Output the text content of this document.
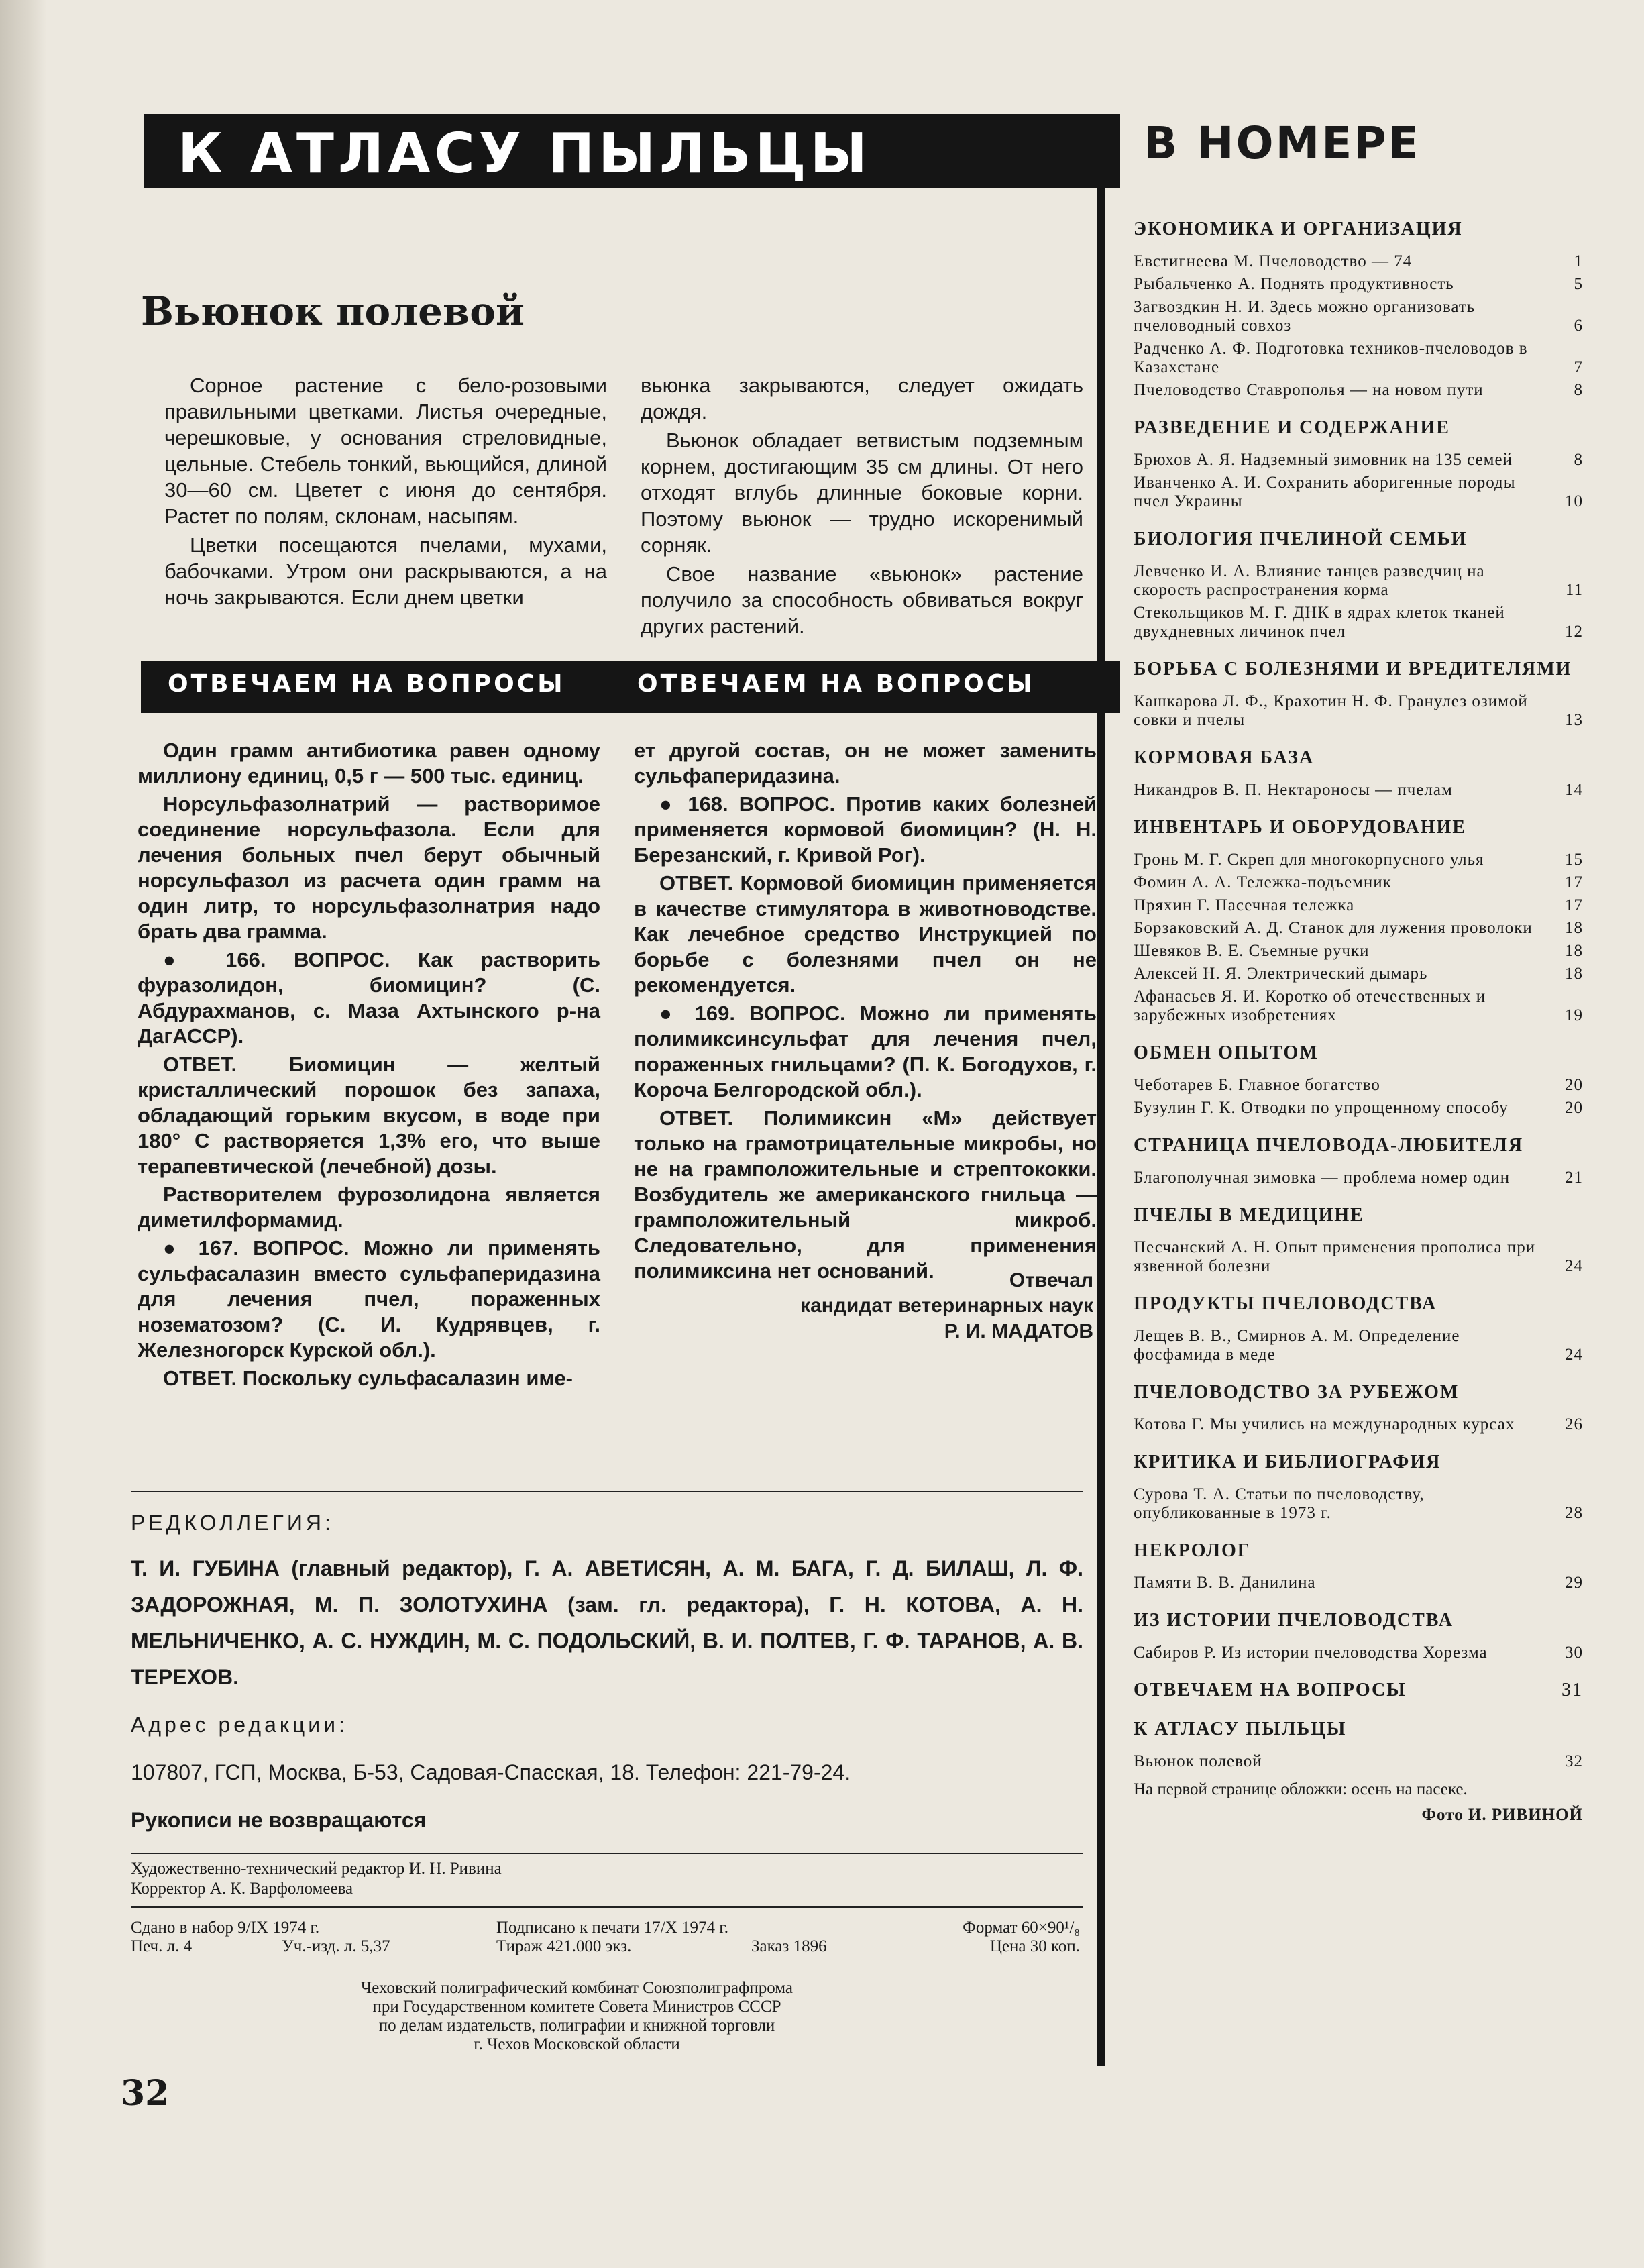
К АТЛАСУ ПЫЛЬЦЫ	В НОМЕРЕ
Вьюнок полевой

Сорное растение с бело-розовыми правильными цветками. Листья очередные, черешковые, у основания стреловидные, цельные. Стебель тонкий, вьющийся, длиной 30—60 см. Цветет с июня до сентября. Растет по полям, склонам, насыпям.

Цветки посещаются пчелами, мухами, бабочками. Утром они раскрываются, а на ночь закрываются. Если днем цветки

вьюнка закрываются, следует ожидать дождя.

Вьюнок обладает ветвистым подземным корнем, достигающим 35 см длины. От него отходят вглубь длинные боковые корни. Поэтому вьюнок — трудно искоренимый сорняк.

Свое название «вьюнок» растение получило за способность обвиваться вокруг других растений.

ОТВЕЧАЕМ НА ВОПРОСЫ	ОТВЕЧАЕМ НА ВОПРОСЫ

Один грамм антибиотика равен одному миллиону единиц, 0,5 г — 500 тыс. единиц.

Норсульфазолнатрий — растворимое соединение норсульфазола. Если для лечения больных пчел берут обычный норсульфазол из расчета один грамм на один литр, то норсульфазолнатрия надо брать два грамма.

● 166. ВОПРОС. Как растворить фуразолидон, биомицин? (С. Абдурахманов, с. Маза Ахтынского р-на ДагАССР).

ОТВЕТ. Биомицин — желтый кристаллический порошок без запаха, обладающий горьким вкусом, в воде при 180° С растворяется 1,3% его, что выше терапевтической (лечебной) дозы.

Растворителем фурозолидона является диметилформамид.

● 167. ВОПРОС. Можно ли применять сульфасалазин вместо сульфаперидазина для лечения пчел, пораженных нозематозом? (С. И. Кудрявцев, г. Железногорск Курской обл.).

ОТВЕТ. Поскольку сульфасалазин име-

ет другой состав, он не может заменить сульфаперидазина.

● 168. ВОПРОС. Против каких болезней применяется кормовой биомицин? (Н. Н. Березанский, г. Кривой Рог).

ОТВЕТ. Кормовой биомицин применяется в качестве стимулятора в животноводстве. Как лечебное средство Инструкцией по борьбе с болезнями пчел он не рекомендуется.

● 169. ВОПРОС. Можно ли применять полимиксинсульфат для лечения пчел, пораженных гнильцами? (П. К. Богодухов, г. Короча Белгородской обл.).

ОТВЕТ. Полимиксин «М» действует только на грамотрицательные микробы, но не на грамположительные и стрептококки. Возбудитель же американского гнильца — грамположительный микроб. Следовательно, для применения полимиксина нет оснований.	Отвечал
кандидат ветеринарных наук
Р. И. МАДАТОВ
РЕДКОЛЛЕГИЯ:
Т. И. ГУБИНА (главный редактор), Г. А. АВЕТИСЯН, А. М. БАГА, Г. Д. БИЛАШ, Л. Ф. ЗАДОРОЖНАЯ, М. П. ЗОЛОТУХИНА (зам. гл. редактора), Г. Н. КОТОВА, А. Н. МЕЛЬНИЧЕНКО, А. С. НУЖДИН, М. С. ПОДОЛЬСКИЙ, В. И. ПОЛТЕВ, Г. Ф. ТАРАНОВ, А. В. ТЕРЕХОВ.
Адрес редакции:
107807, ГСП, Москва, Б-53, Садовая-Спасская, 18. Телефон: 221-79-24.
Рукописи не возвращаются
Художественно-технический редактор И. Н. Ривина
Корректор А. К. Варфоломеева
Сдано в набор 9/IX 1974 г.
Печ. л. 4	Уч.-изд. л. 5,37
Подписано к печати 17/X 1974 г.
Тираж 421.000 экз.	Заказ 1896
Формат 60×90¹/₈
Цена 30 коп.
Чеховский полиграфический комбинат Союзполиграфпрома
при Государственном комитете Совета Министров СССР
по делам издательств, полиграфии и книжной торговли
г. Чехов Московской области
32
ЭКОНОМИКА И ОРГАНИЗАЦИЯ
Евстигнеева М. Пчеловодство — 74	1
Рыбальченко А. Поднять продуктивность	5
Загвоздкин Н. И. Здесь можно организовать пчеловодный совхоз	6
Радченко А. Ф. Подготовка техников-пчеловодов в Казахстане	7
Пчеловодство Ставрополья — на новом пути	8
РАЗВЕДЕНИЕ И СОДЕРЖАНИЕ
Брюхов А. Я. Надземный зимовник на 135 семей	8
Иванченко А. И. Сохранить аборигенные породы пчел Украины	10
БИОЛОГИЯ ПЧЕЛИНОЙ СЕМЬИ
Левченко И. А. Влияние танцев разведчиц на скорость распространения корма	11
Стекольщиков М. Г. ДНК в ядрах клеток тканей двухдневных личинок пчел	12
БОРЬБА С БОЛЕЗНЯМИ И ВРЕДИТЕЛЯМИ
Кашкарова Л. Ф., Крахотин Н. Ф. Гранулез озимой совки и пчелы	13
КОРМОВАЯ БАЗА
Никандров В. П. Нектароносы — пчелам	14
ИНВЕНТАРЬ И ОБОРУДОВАНИЕ
Гронь М. Г. Скреп для многокорпусного улья	15
Фомин А. А. Тележка-подъемник	17
Пряхин Г. Пасечная тележка	17
Борзаковский А. Д. Станок для лужения проволоки 18
Шевяков В. Е. Съемные ручки	18
Алексей Н. Я. Электрический дымарь	18
Афанасьев Я. И. Коротко об отечественных и зарубежных изобретениях	19
ОБМЕН ОПЫТОМ
Чеботарев Б. Главное богатство	20
Бузулин Г. К. Отводки по упрощенному способу	20
СТРАНИЦА ПЧЕЛОВОДА-ЛЮБИТЕЛЯ
Благополучная зимовка — проблема номер один	21
ПЧЕЛЫ В МЕДИЦИНЕ
Песчанский А. Н. Опыт применения прополиса при язвенной болезни	24
ПРОДУКТЫ ПЧЕЛОВОДСТВА
Лещев В. В., Смирнов А. М. Определение фосфамида в меде	24
ПЧЕЛОВОДСТВО ЗА РУБЕЖОМ
Котова Г. Мы учились на международных курсах	26
КРИТИКА И БИБЛИОГРАФИЯ
Сурова Т. А. Статьи по пчеловодству, опубликованные в 1973 г.	28
НЕКРОЛОГ
Памяти В. В. Данилина	29
ИЗ ИСТОРИИ ПЧЕЛОВОДСТВА
Сабиров Р. Из истории пчеловодства Хорезма	30
ОТВЕЧАЕМ НА ВОПРОСЫ	31
К АТЛАСУ ПЫЛЬЦЫ
Вьюнок полевой	32
На первой странице обложки: осень на пасеке.
Фото И. РИВИНОЙ
